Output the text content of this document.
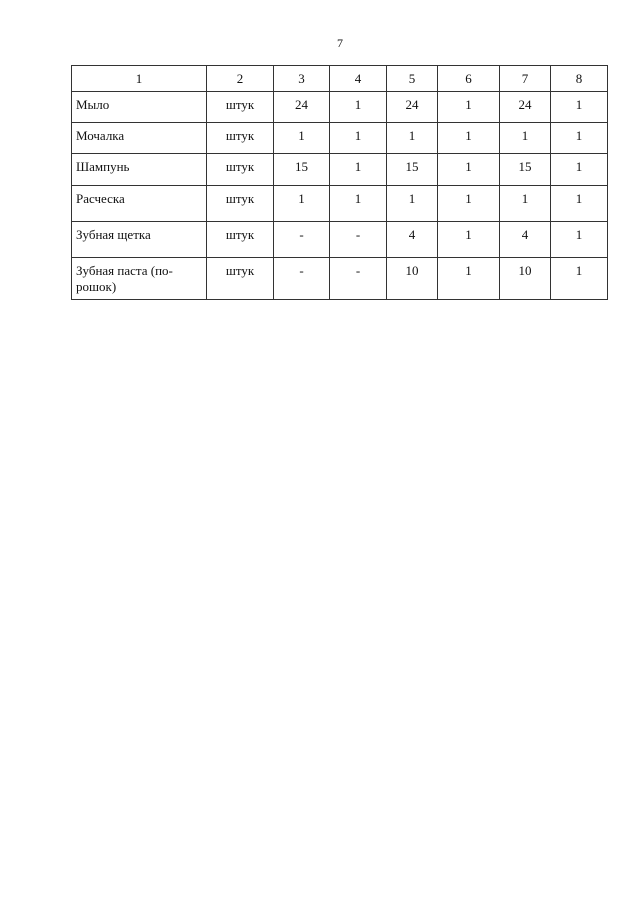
7
1	2	3	4	5	6	7	8
Мыло	штук	24	1	24	1	24	1
Мочалка	штук	1	1	1	1	1	1
Шампунь	штук	15	1	15	1	15	1
Расческа	штук	1	1	1	1	1	1
Зубная щетка	штук	-	-	4	1	4	1
Зубная паста (по-рошок)	штук	-	-	10	1	10	1
